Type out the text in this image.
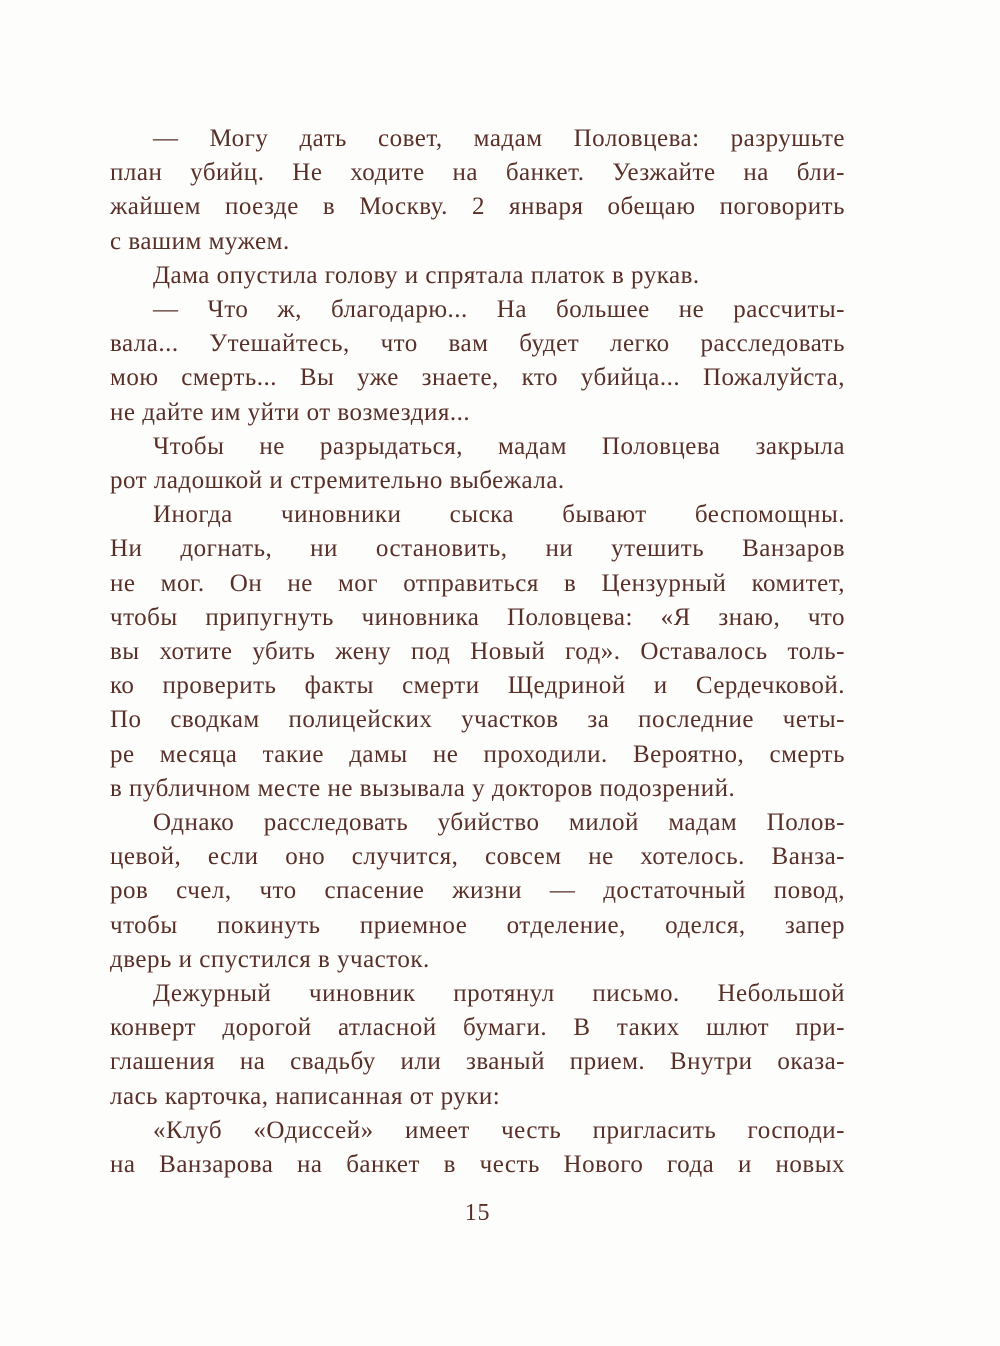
— Могу дать совет, мадам Половцева: разрушьте
план убийц. Не ходите на банкет. Уезжайте на бли-
жайшем поезде в Москву. 2 января обещаю поговорить
с вашим мужем.
Дама опустила голову и спрятала платок в рукав.
— Что ж, благодарю... На большее не рассчиты-
вала... Утешайтесь, что вам будет легко расследовать
мою смерть... Вы уже знаете, кто убийца... Пожалуйста,
не дайте им уйти от возмездия...
Чтобы не разрыдаться, мадам Половцева закрыла
рот ладошкой и стремительно выбежала.
Иногда чиновники сыска бывают беспомощны.
Ни догнать, ни остановить, ни утешить Ванзаров
не мог. Он не мог отправиться в Цензурный комитет,
чтобы припугнуть чиновника Половцева: «Я знаю, что
вы хотите убить жену под Новый год». Оставалось толь-
ко проверить факты смерти Щедриной и Сердечковой.
По сводкам полицейских участков за последние четы-
ре месяца такие дамы не проходили. Вероятно, смерть
в публичном месте не вызывала у докторов подозрений.
Однако расследовать убийство милой мадам Полов-
цевой, если оно случится, совсем не хотелось. Ванза-
ров счел, что спасение жизни — достаточный повод,
чтобы покинуть приемное отделение, оделся, запер
дверь и спустился в участок.
Дежурный чиновник протянул письмо. Небольшой
конверт дорогой атласной бумаги. В таких шлют при-
глашения на свадьбу или званый прием. Внутри оказа-
лась карточка, написанная от руки:
«Клуб «Одиссей» имеет честь пригласить господи-
на Ванзарова на банкет в честь Нового года и новых
15
